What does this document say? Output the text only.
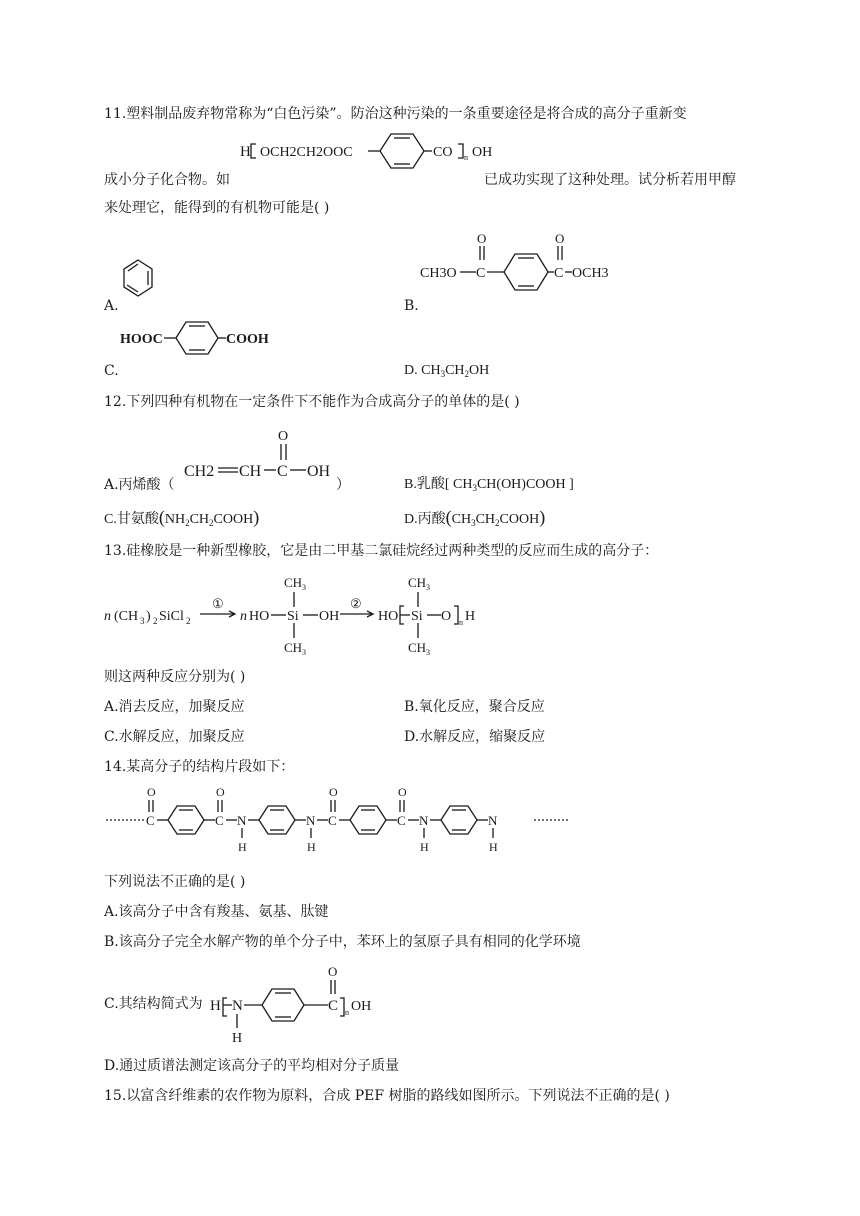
11.塑料制品废弃物常称为“白色污染”。防治这种污染的一条重要途径是将合成的高分子重新变
H OCH2CH2OOC	CO n OH
成小分子化合物。如	已成功实现了这种处理。试分析若用甲醇
来处理它，能得到的有机物可能是( )
A.
CH3O C
O
C
O
OCH3
B.
HOOC	COOH
C.	D. $CH_3CH_2OH$
12.下列四种有机物在一定条件下不能作为合成高分子的单体的是( )
A.丙烯酸（
CH2 CH C
O
OH
）	B.乳酸[ $CH_3CH(OH)COOH$ ]
C.甘氨酸$(NH_2CH_2COOH)$	D.丙酸$(CH_3CH_2COOH)$
13.硅橡胶是一种新型橡胶，它是由二甲基二氯硅烷经过两种类型的反应而生成的高分子：
n (CH 3 ) 2 SiCl 2
①
n HO Si
CH 3
CH 3
OH
②
HO Si
CH 3
CH 3
O n H
则这两种反应分别为( )
A.消去反应，加聚反应	B.氧化反应，聚合反应
C.水解反应，加聚反应	D.水解反应，缩聚反应
14.某高分子的结构片段如下：
C
O
C
O
N
H
N
H
C
O
C
O
N
H
N
H
下列说法不正确的是( )
A.该高分子中含有羧基、氨基、肽键
B.该高分子完全水解产物的单个分子中，苯环上的氢原子具有相同的化学环境
C.其结构简式为 H N
H
C
O
n OH
D.通过质谱法测定该高分子的平均相对分子质量
15.以富含纤维素的农作物为原料，合成 PEF 树脂的路线如图所示。下列说法不正确的是( )
